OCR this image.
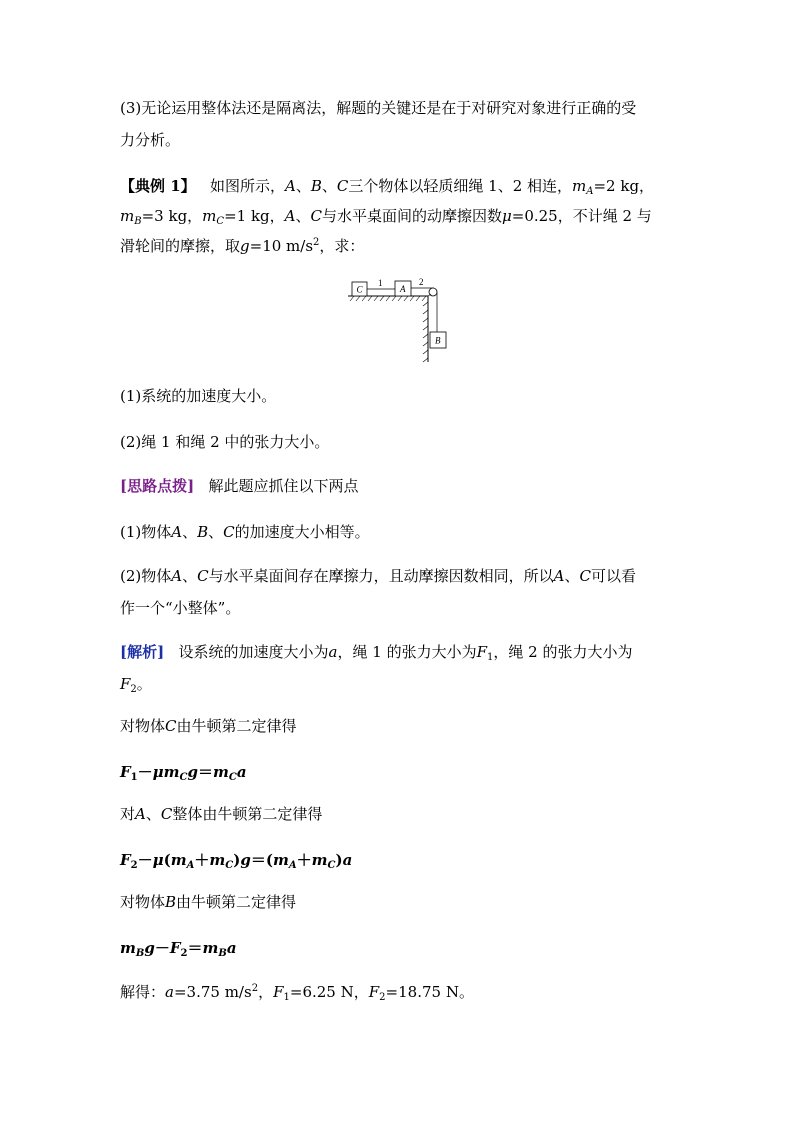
(3)无论运用整体法还是隔离法，解题的关键还是在于对研究对象进行正确的受
力分析。
【典例 1】 如图所示，A、B、C三个物体以轻质细绳 1、2 相连，$m_A=2$ kg，
$m_B=3$ kg，$m_C=1$ kg，A、C与水平桌面间的动摩擦因数μ=0.25，不计绳 2 与
滑轮间的摩擦，取g=10 $m/s^2$，求：
C
1
A
2
B
(1)系统的加速度大小。
(2)绳 1 和绳 2 中的张力大小。
[思路点拨] 解此题应抓住以下两点
(1)物体A、B、C的加速度大小相等。
(2)物体A、C与水平桌面间存在摩擦力，且动摩擦因数相同，所以A、C可以看
作一个“小整体”。
[解析] 设系统的加速度大小为a，绳 1 的张力大小为$F_1$，绳 2 的张力大小为
$F_2$。
对物体C由牛顿第二定律得
$F_1-\mu m_Cg=m_Ca$
对A、C整体由牛顿第二定律得
$F_2-\mu(m_A+m_C)g=(m_A+m_C)a$
对物体B由牛顿第二定律得
$m_Bg-F_2=m_Ba$
解得：a=3.75 $m/s^2$，$F_1=6.25$ N，$F_2=18.75$ N。
